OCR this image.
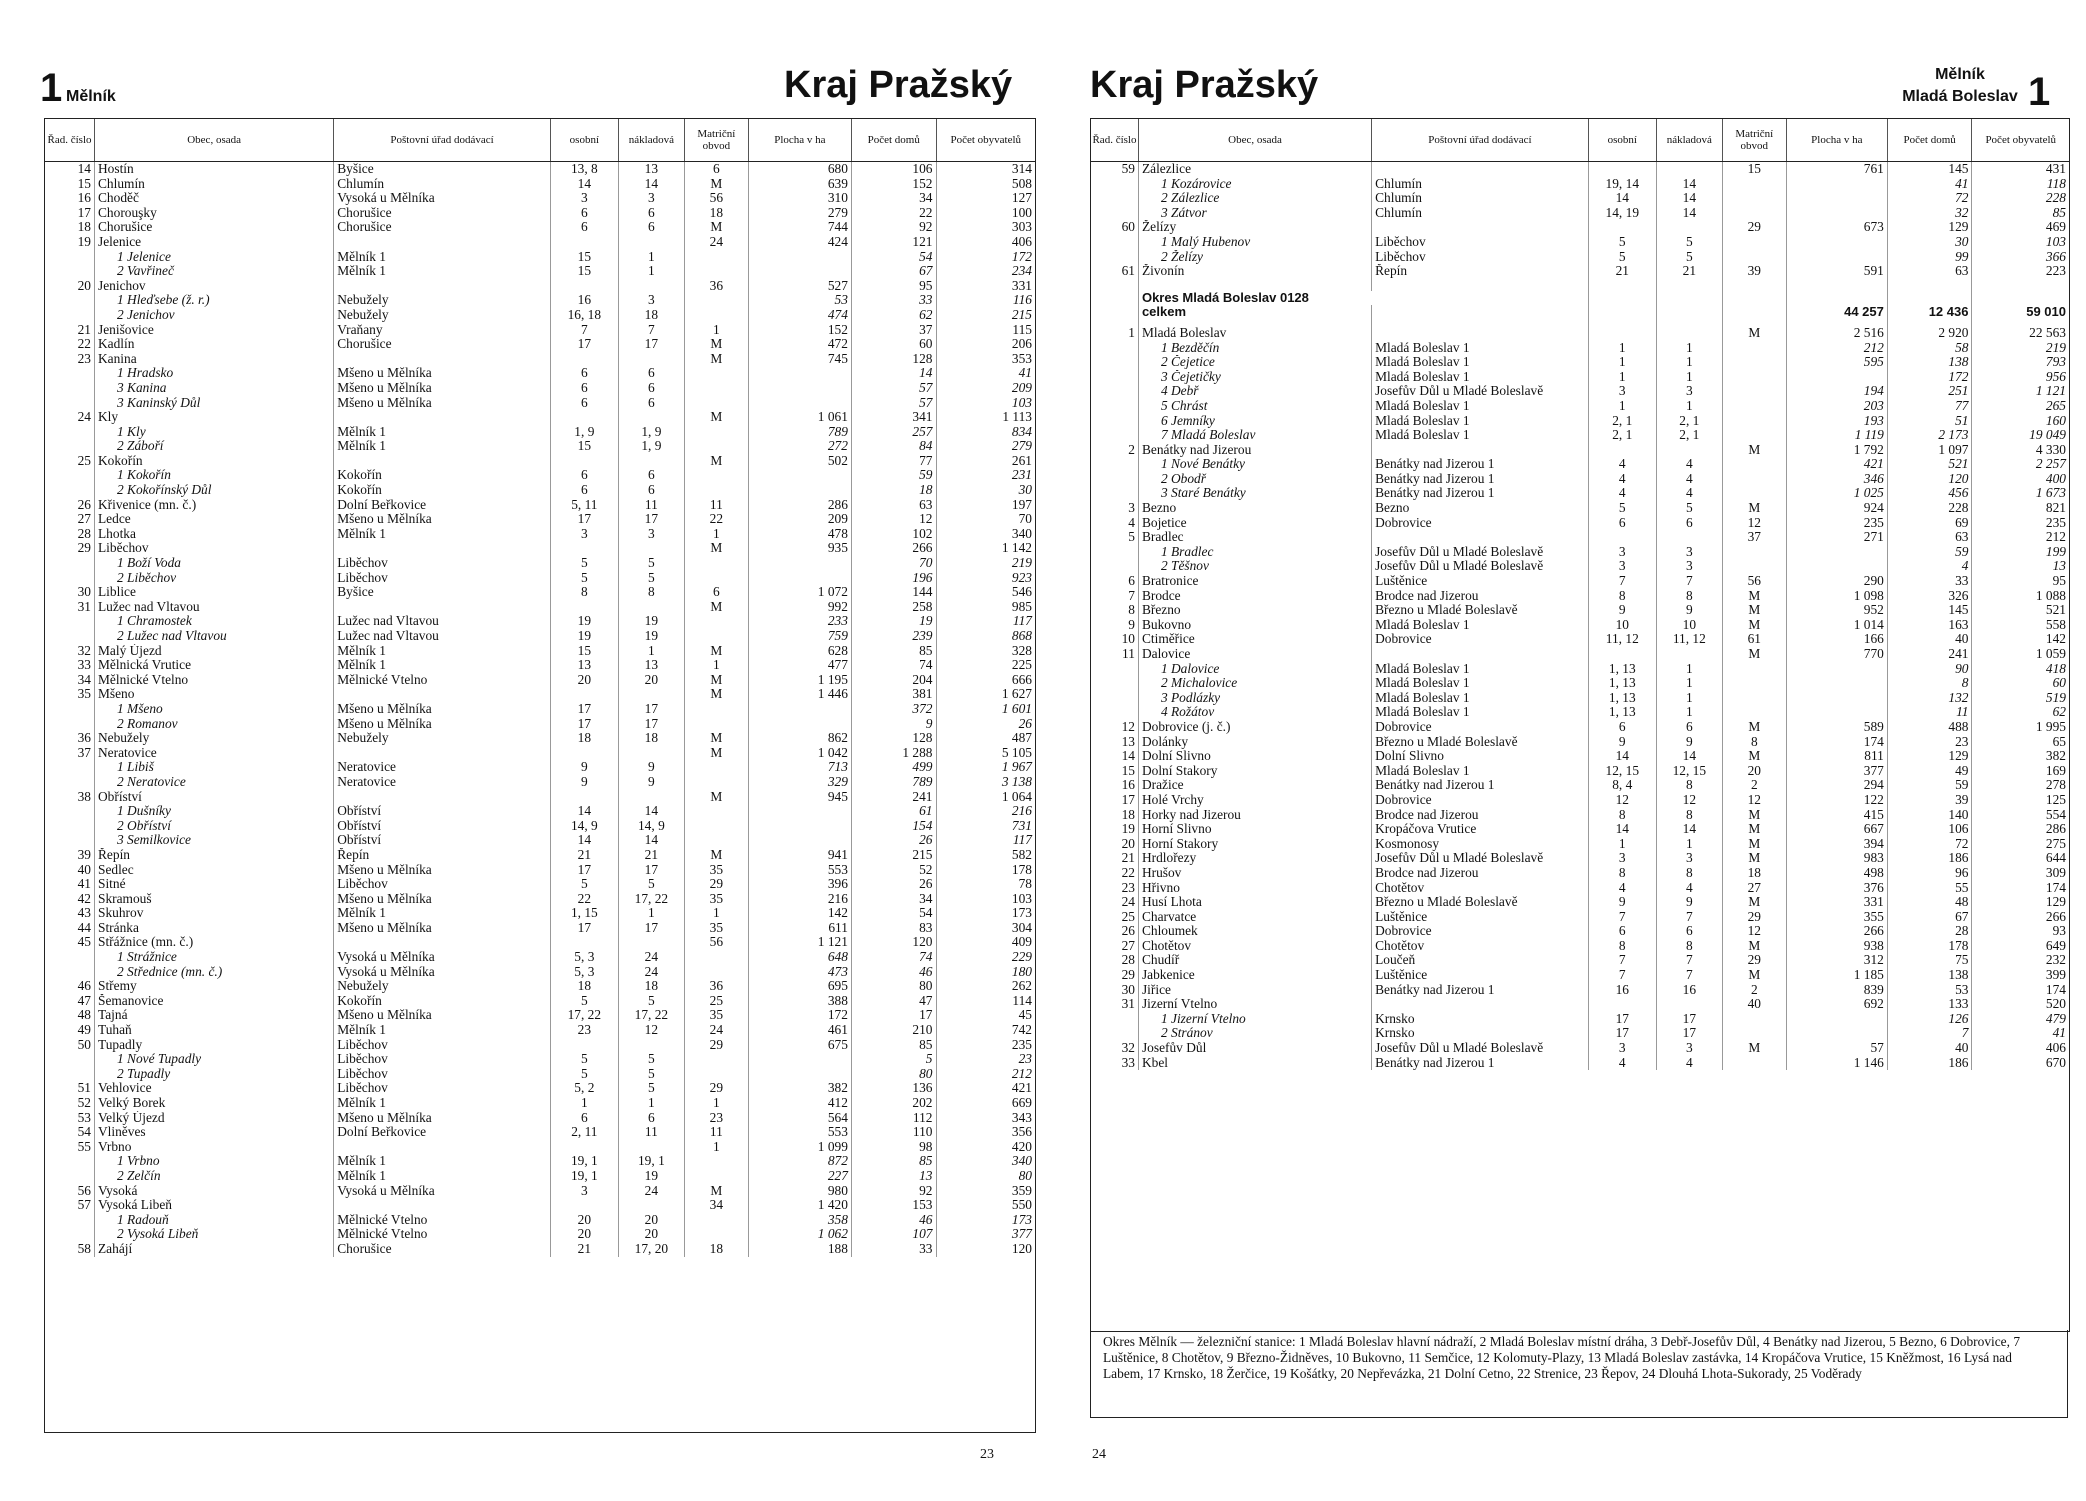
1 Mělník	Kraj Pražský
Řad. číslo	Obec, osada	Poštovní úřad dodávací	osobní	nákladová	Matriční obvod	Plocha v ha	Počet domů	Počet obyvatelů
14	Hostín	Byšice	13, 8	13	6	680	106	314
15	Chlumín	Chlumín	14	14	M	639	152	508
16	Choděč	Vysoká u Mělníka	3	3	56	310	34	127
17	Chorouşky	Chorušice	6	6	18	279	22	100
18	Chorušice	Chorušice	6	6	M	744	92	303
19	Jelenice				24	424	121	406
	1 Jelenice	Mělník 1	15	1			54	172
	2 Vavřineč	Mělník 1	15	1			67	234
20	Jenichov				36	527	95	331
	1 Hleďsebe (ž. r.)	Nebužely	16	3		53	33	116
	2 Jenichov	Nebužely	16, 18	18		474	62	215
21	Jenišovice	Vraňany	7	7	1	152	37	115
22	Kadlín	Chorušice	17	17	M	472	60	206
23	Kanina				M	745	128	353
	1 Hradsko	Mšeno u Mělníka	6	6			14	41
	3 Kanina	Mšeno u Mělníka	6	6			57	209
	3 Kaninský Důl	Mšeno u Mělníka	6	6			57	103
24	Kly				M	1 061	341	1 113
	1 Kly	Mělník 1	1, 9	1, 9		789	257	834
	2 Záboří	Mělník 1	15	1, 9		272	84	279
25	Kokořín				M	502	77	261
	1 Kokořín	Kokořín	6	6			59	231
	2 Kokořínský Důl	Kokořín	6	6			18	30
26	Křivenice (mn. č.)	Dolní Beřkovice	5, 11	11	11	286	63	197
27	Ledce	Mšeno u Mělníka	17	17	22	209	12	70
28	Lhotka	Mělník 1	3	3	1	478	102	340
29	Liběchov				M	935	266	1 142
	1 Boží Voda	Liběchov	5	5			70	219
	2 Liběchov	Liběchov	5	5			196	923
30	Liblice	Byšice	8	8	6	1 072	144	546
31	Lužec nad Vltavou				M	992	258	985
	1 Chramostek	Lužec nad Vltavou	19	19		233	19	117
	2 Lužec nad Vltavou	Lužec nad Vltavou	19	19		759	239	868
32	Malý Újezd	Mělník 1	15	1	M	628	85	328
33	Mělnická Vrutice	Mělník 1	13	13	1	477	74	225
34	Mělnické Vtelno	Mělnické Vtelno	20	20	M	1 195	204	666
35	Mšeno				M	1 446	381	1 627
	1 Mšeno	Mšeno u Mělníka	17	17			372	1 601
	2 Romanov	Mšeno u Mělníka	17	17			9	26
36	Nebužely	Nebužely	18	18	M	862	128	487
37	Neratovice				M	1 042	1 288	5 105
	1 Libiš	Neratovice	9	9		713	499	1 967
	2 Neratovice	Neratovice	9	9		329	789	3 138
38	Obříství				M	945	241	1 064
	1 Dušníky	Obříství	14	14			61	216
	2 Obříství	Obříství	14, 9	14, 9			154	731
	3 Semilkovice	Obříství	14	14			26	117
39	Řepín	Řepín	21	21	M	941	215	582
40	Sedlec	Mšeno u Mělníka	17	17	35	553	52	178
41	Sitné	Liběchov	5	5	29	396	26	78
42	Skramouš	Mšeno u Mělníka	22	17, 22	35	216	34	103
43	Skuhrov	Mělník 1	1, 15	1	1	142	54	173
44	Stránka	Mšeno u Mělníka	17	17	35	611	83	304
45	Střážnice (mn. č.)				56	1 121	120	409
	1 Strážnice	Vysoká u Mělníka	5, 3	24		648	74	229
	2 Střednice (mn. č.)	Vysoká u Mělníka	5, 3	24		473	46	180
46	Střemy	Nebužely	18	18	36	695	80	262
47	Šemanovice	Kokořín	5	5	25	388	47	114
48	Tajná	Mšeno u Mělníka	17, 22	17, 22	35	172	17	45
49	Tuhaň	Mělník 1	23	12	24	461	210	742
50	Tupadly	Liběchov			29	675	85	235
	1 Nové Tupadly	Liběchov	5	5			5	23
	2 Tupadly	Liběchov	5	5			80	212
51	Vehlovice	Liběchov	5, 2	5	29	382	136	421
52	Velký Borek	Mělník 1	1	1	1	412	202	669
53	Velký Újezd	Mšeno u Mělníka	6	6	23	564	112	343
54	Vliněves	Dolní Beřkovice	2, 11	11	11	553	110	356
55	Vrbno				1	1 099	98	420
	1 Vrbno	Mělník 1	19, 1	19, 1		872	85	340
	2 Zelčín	Mělník 1	19, 1	19		227	13	80
56	Vysoká	Vysoká u Mělníka	3	24	M	980	92	359
57	Vysoká Libeň				34	1 420	153	550
	1 Radouň	Mělnické Vtelno	20	20		358	46	173
	2 Vysoká Libeň	Mělnické Vtelno	20	20		1 062	107	377
58	Zahájí	Chorušice	21	17, 20	18	188	33	120
23
Kraj Pražský	Mělník
Mladá Boleslav 1
Řad. číslo	Obec, osada	Poštovní úřad dodávací	osobní	nákladová	Matriční obvod	Plocha v ha	Počet domů	Počet obyvatelů
59	Zálezlice				15	761	145	431
	1 Kozárovice	Chlumín	19, 14	14			41	118
	2 Zálezlice	Chlumín	14	14			72	228
	3 Zátvor	Chlumín	14, 19	14			32	85
60	Želízy				29	673	129	469
	1 Malý Hubenov	Liběchov	5	5			30	103
	2 Želízy	Liběchov	5	5			99	366
61	Živonín	Řepín	21	21	39	591	63	223

	Okres Mladá Boleslav 0128							
	celkem					44 257	12 436	59 010

1	Mladá Boleslav				M	2 516	2 920	22 563
	1 Bezděčín	Mladá Boleslav 1	1	1		212	58	219
	2 Čejetice	Mladá Boleslav 1	1	1		595	138	793
	3 Čejetičky	Mladá Boleslav 1	1	1			172	956
	4 Debř	Josefův Důl u Mladé Boleslavě	3	3		194	251	1 121
	5 Chrást	Mladá Boleslav 1	1	1		203	77	265
	6 Jemníky	Mladá Boleslav 1	2, 1	2, 1		193	51	160
	7 Mladá Boleslav	Mladá Boleslav 1	2, 1	2, 1		1 119	2 173	19 049
2	Benátky nad Jizerou				M	1 792	1 097	4 330
	1 Nové Benátky	Benátky nad Jizerou 1	4	4		421	521	2 257
	2 Obodř	Benátky nad Jizerou 1	4	4		346	120	400
	3 Staré Benátky	Benátky nad Jizerou 1	4	4		1 025	456	1 673
3	Bezno	Bezno	5	5	M	924	228	821
4	Bojetice	Dobrovice	6	6	12	235	69	235
5	Bradlec				37	271	63	212
	1 Bradlec	Josefův Důl u Mladé Boleslavě	3	3			59	199
	2 Těšnov	Josefův Důl u Mladé Boleslavě	3	3			4	13
6	Bratronice	Luštěnice	7	7	56	290	33	95
7	Brodce	Brodce nad Jizerou	8	8	M	1 098	326	1 088
8	Březno	Březno u Mladé Boleslavě	9	9	M	952	145	521
9	Bukovno	Mladá Boleslav 1	10	10	M	1 014	163	558
10	Ctiměřice	Dobrovice	11, 12	11, 12	61	166	40	142
11	Dalovice				M	770	241	1 059
	1 Dalovice	Mladá Boleslav 1	1, 13	1			90	418
	2 Michalovice	Mladá Boleslav 1	1, 13	1			8	60
	3 Podlázky	Mladá Boleslav 1	1, 13	1			132	519
	4 Rožátov	Mladá Boleslav 1	1, 13	1			11	62
12	Dobrovice (j. č.)	Dobrovice	6	6	M	589	488	1 995
13	Dolánky	Březno u Mladé Boleslavě	9	9	8	174	23	65
14	Dolní Slivno	Dolní Slivno	14	14	M	811	129	382
15	Dolní Stakory	Mladá Boleslav 1	12, 15	12, 15	20	377	49	169
16	Dražice	Benátky nad Jizerou 1	8, 4	8	2	294	59	278
17	Holé Vrchy	Dobrovice	12	12	12	122	39	125
18	Horky nad Jizerou	Brodce nad Jizerou	8	8	M	415	140	554
19	Horní Slivno	Kropáčova Vrutice	14	14	M	667	106	286
20	Horní Stakory	Kosmonosy	1	1	M	394	72	275
21	Hrdlořezy	Josefův Důl u Mladé Boleslavě	3	3	M	983	186	644
22	Hrušov	Brodce nad Jizerou	8	8	18	498	96	309
23	Hřivno	Chotětov	4	4	27	376	55	174
24	Husí Lhota	Březno u Mladé Boleslavě	9	9	M	331	48	129
25	Charvatce	Luštěnice	7	7	29	355	67	266
26	Chloumek	Dobrovice	6	6	12	266	28	93
27	Chotětov	Chotětov	8	8	M	938	178	649
28	Chudíř	Loučeň	7	7	29	312	75	232
29	Jabkenice	Luštěnice	7	7	M	1 185	138	399
30	Jiřice	Benátky nad Jizerou 1	16	16	2	839	53	174
31	Jizerní Vtelno				40	692	133	520
	1 Jizerní Vtelno	Krnsko	17	17			126	479
	2 Stránov	Krnsko	17	17			7	41
32	Josefův Důl	Josefův Důl u Mladé Boleslavě	3	3	M	57	40	406
33	Kbel	Benátky nad Jizerou 1	4	4		1 146	186	670
Okres Mělník — železniční stanice: 1 Mladá Boleslav hlavní nádraží, 2 Mladá Boleslav místní dráha, 3 Debř-Josefův Důl, 4 Benátky nad Jizerou, 5 Bezno, 6 Dobrovice, 7 Luštěnice, 8 Chotětov, 9 Březno-Židněves, 10 Bukovno, 11 Semčice, 12 Kolomuty-Plazy, 13 Mladá Boleslav zastávka, 14 Kropáčova Vrutice, 15 Kněžmost, 16 Lysá nad Labem, 17 Krnsko, 18 Žerčice, 19 Košátky, 20 Nepřevázka, 21 Dolní Cetno, 22 Strenice, 23 Řepov, 24 Dlouhá Lhota-Sukorady, 25 Voděrady
24
